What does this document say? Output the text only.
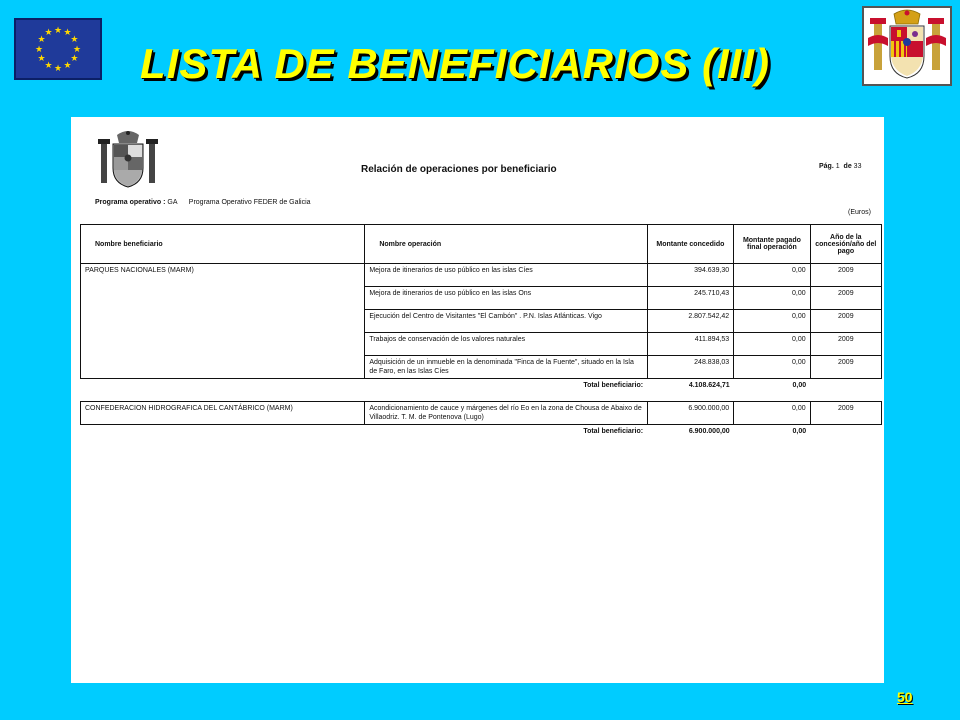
★ ★
★
★
★
★
★
★
★
★
★
★
LISTA DE BENEFICIARIOS (III)
Relación de operaciones por beneficiario	Pág. 1 de 33
Programa operativo : GA Programa Operativo FEDER de Galicia
(Euros)
Nombre beneficiario	Nombre operación	Montante concedido	Montante pagado final operación	Año de la concesión/año del pago
PARQUES NACIONALES (MARM)	Mejora de itinerarios de uso público en las islas Cíes	394.639,30	0,00	2009
	Mejora de itinerarios de uso público en las islas Ons	245.710,43	0,00	2009
	Ejecución del Centro de Visitantes "El Cambón" . P.N. Islas Atlánticas. Vigo	2.807.542,42	0,00	2009
	Trabajos de conservación de los valores naturales	411.894,53	0,00	2009
	Adquisición de un inmueble en la denominada "Finca de la Fuente", situado en la Isla de Faro, en las Islas Cíes	248.838,03	0,00	2009
	Total beneficiario:	4.108.624,71	0,00	
CONFEDERACION HIDROGRAFICA DEL CANTÁBRICO (MARM)	Acondicionamiento de cauce y márgenes del río Eo en la zona de Chousa de Abaixo de Villaodriz. T. M. de Pontenova (Lugo)	6.900.000,00	0,00	2009
	Total beneficiario:	6.900.000,00	0,00	
50
